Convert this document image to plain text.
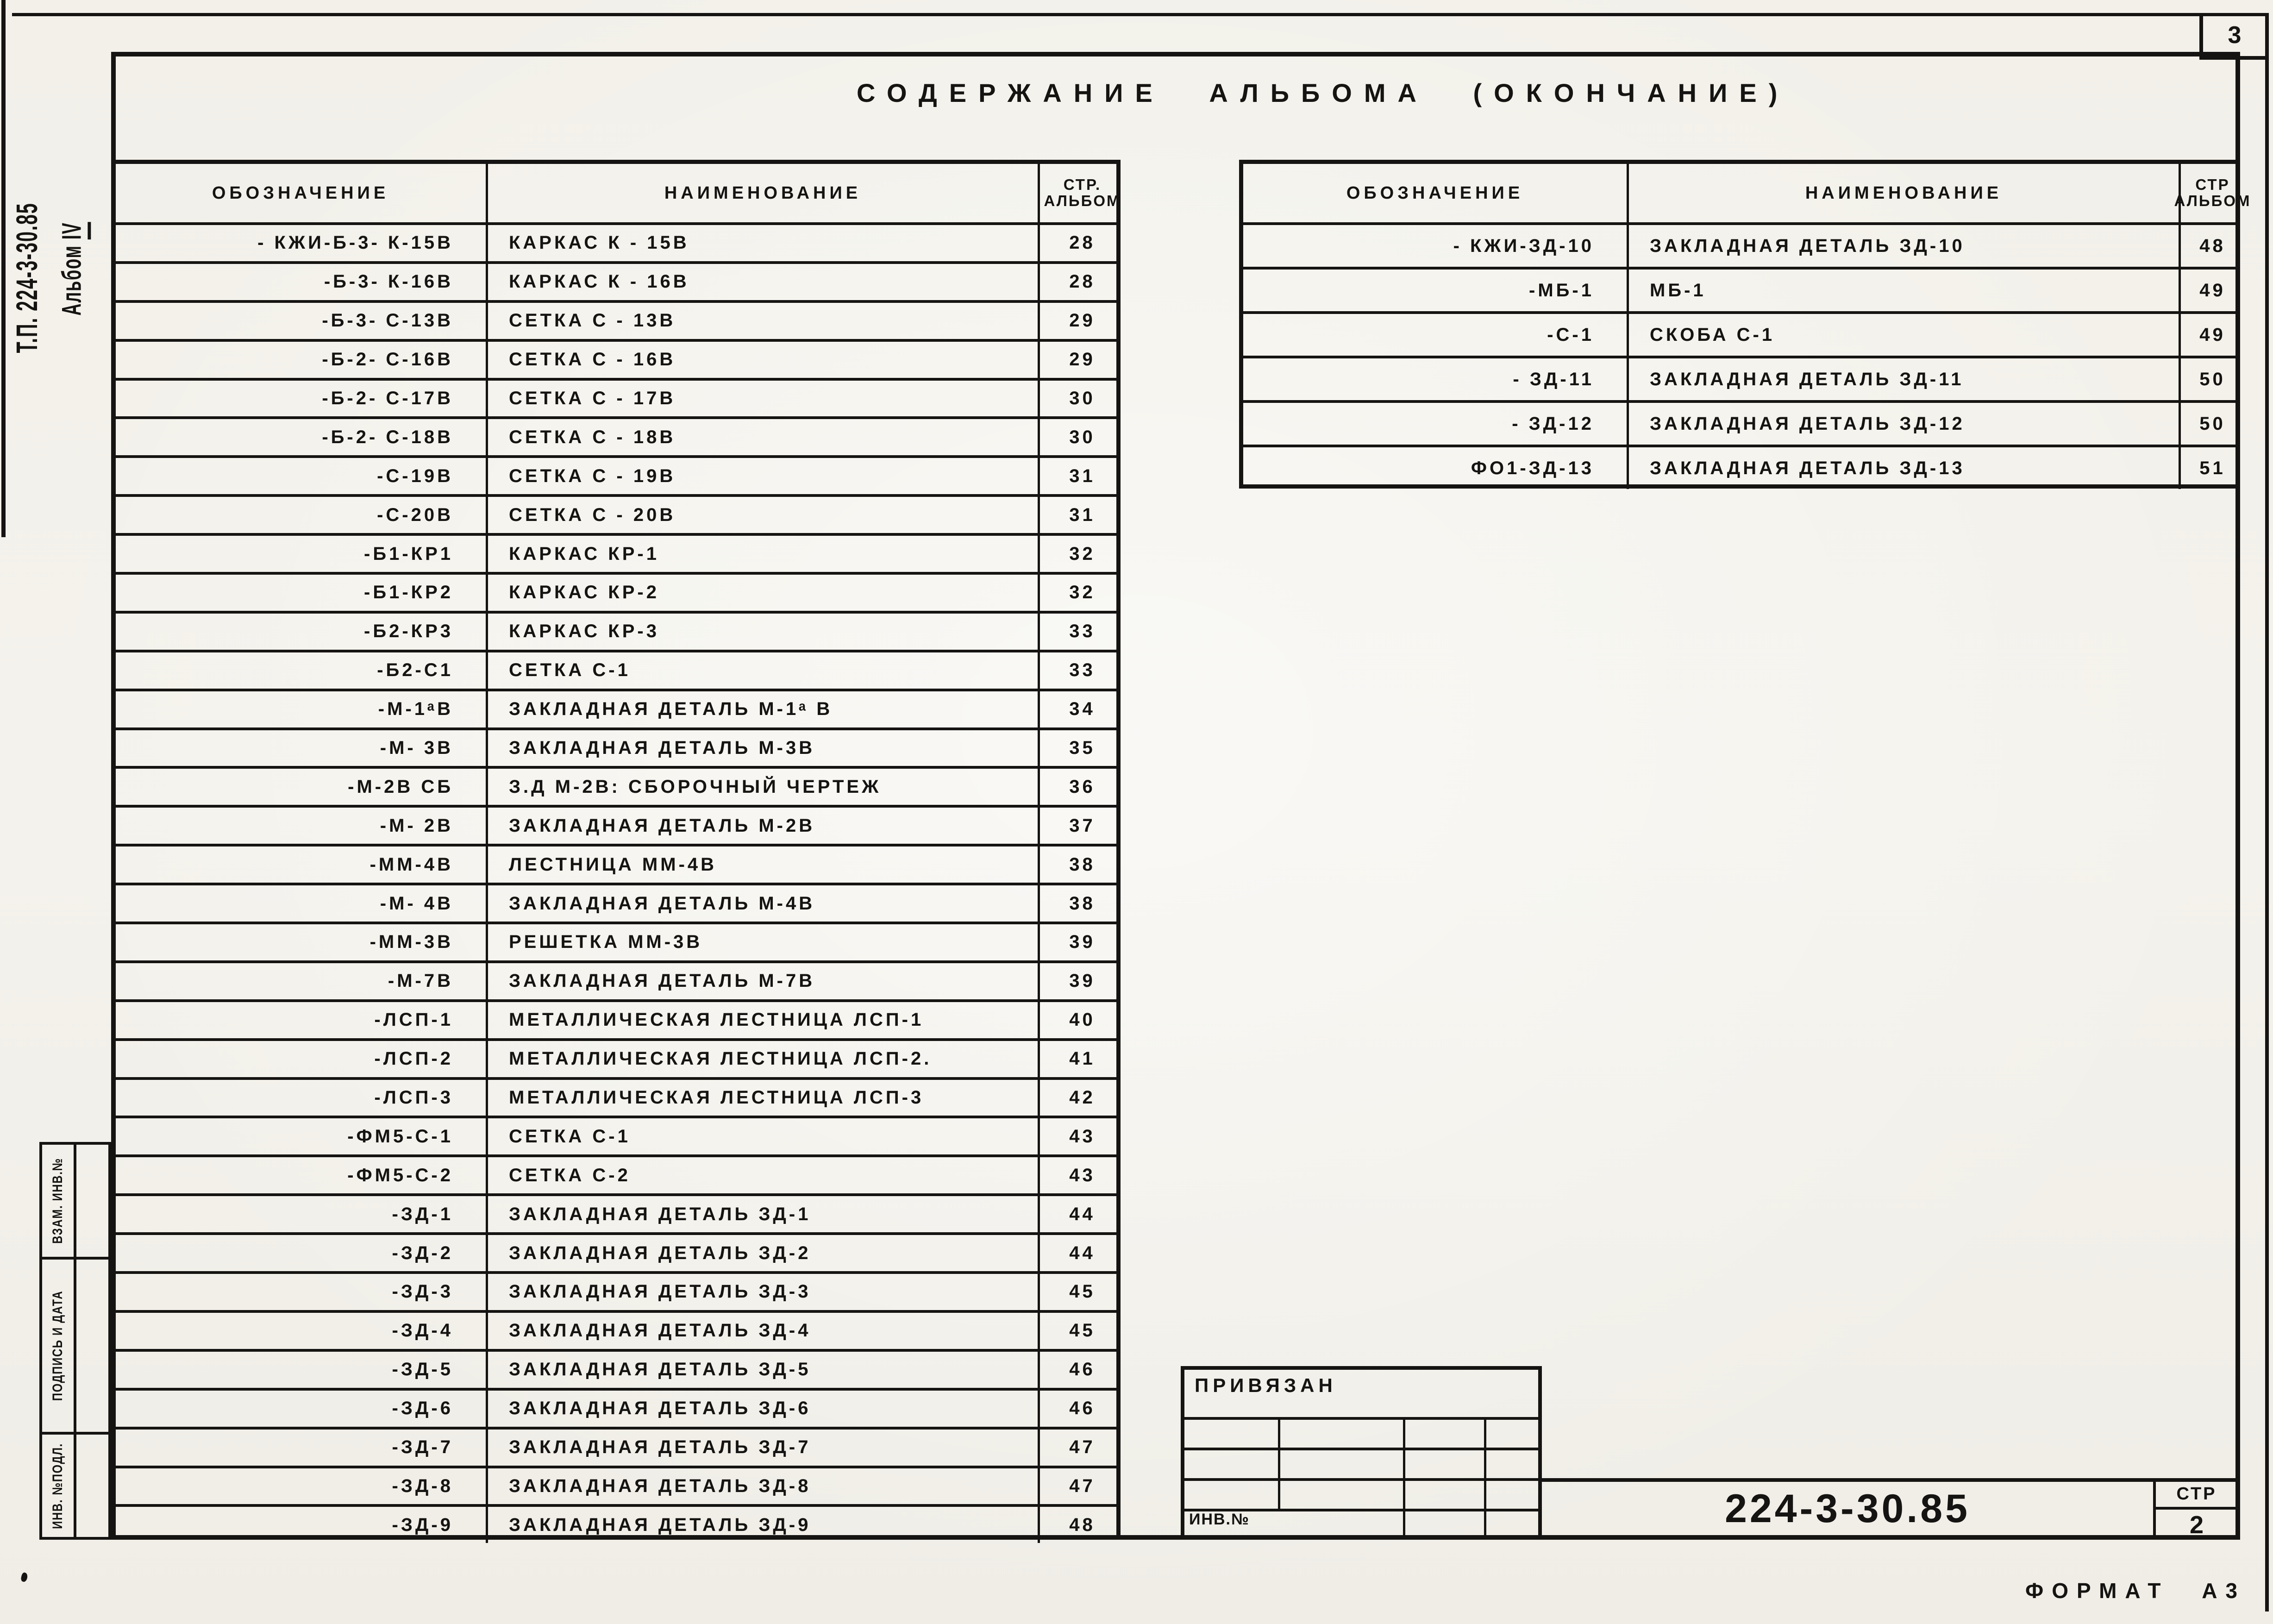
3
СОДЕРЖАНИЕ АЛЬБОМА (ОКОНЧАНИЕ)
Т.П. 224-3-30.85 Альбом IV
ВЗАМ. ИНВ.№
ПОДПИСЬ И ДАТА
ИНВ. №ПОДЛ.
ОБОЗНАЧЕНИЕ	НАИМЕНОВАНИЕ	СТР.
АЛЬБОМ
- КЖИ-Б-3- К-15В	КАРКАС К - 15В	28
-Б-3- К-16В	КАРКАС К - 16В	28
-Б-3- С-13В	СЕТКА С - 13В	29
-Б-2- С-16В	СЕТКА С - 16В	29
-Б-2- С-17В	СЕТКА С - 17В	30
-Б-2- С-18В	СЕТКА С - 18В	30
-С-19В	СЕТКА С - 19В	31
-С-20В	СЕТКА С - 20В	31
-Б1-КР1	КАРКАС КР-1	32
-Б1-КР2	КАРКАС КР-2	32
-Б2-КР3	КАРКАС КР-3	33
-Б2-С1	СЕТКА С-1	33
-М-1ᵃВ	ЗАКЛАДНАЯ ДЕТАЛЬ М-1ᵃ В	34
-М- 3В	ЗАКЛАДНАЯ ДЕТАЛЬ М-3В	35
-М-2В СБ	З.Д М-2В: СБОРОЧНЫЙ ЧЕРТЕЖ	36
-М- 2В	ЗАКЛАДНАЯ ДЕТАЛЬ М-2В	37
-ММ-4В	ЛЕСТНИЦА ММ-4В	38
-М- 4В	ЗАКЛАДНАЯ ДЕТАЛЬ М-4В	38
-ММ-3В	РЕШЕТКА ММ-3В	39
-М-7В	ЗАКЛАДНАЯ ДЕТАЛЬ М-7В	39
-ЛСП-1	МЕТАЛЛИЧЕСКАЯ ЛЕСТНИЦА ЛСП-1	40
-ЛСП-2	МЕТАЛЛИЧЕСКАЯ ЛЕСТНИЦА ЛСП-2.	41
-ЛСП-3	МЕТАЛЛИЧЕСКАЯ ЛЕСТНИЦА ЛСП-3	42
-ФМ5-С-1	СЕТКА С-1	43
-ФМ5-С-2	СЕТКА С-2	43
-ЗД-1	ЗАКЛАДНАЯ ДЕТАЛЬ ЗД-1	44
-ЗД-2	ЗАКЛАДНАЯ ДЕТАЛЬ ЗД-2	44
-ЗД-3	ЗАКЛАДНАЯ ДЕТАЛЬ ЗД-3	45
-ЗД-4	ЗАКЛАДНАЯ ДЕТАЛЬ ЗД-4	45
-ЗД-5	ЗАКЛАДНАЯ ДЕТАЛЬ ЗД-5	46
-ЗД-6	ЗАКЛАДНАЯ ДЕТАЛЬ ЗД-6	46
-ЗД-7	ЗАКЛАДНАЯ ДЕТАЛЬ ЗД-7	47
-ЗД-8	ЗАКЛАДНАЯ ДЕТАЛЬ ЗД-8	47
-ЗД-9	ЗАКЛАДНАЯ ДЕТАЛЬ ЗД-9	48
ОБОЗНАЧЕНИЕ	НАИМЕНОВАНИЕ	СТР
АЛЬБОМ
- КЖИ-ЗД-10	ЗАКЛАДНАЯ ДЕТАЛЬ ЗД-10	48
-МБ-1	МБ-1	49
-С-1	СКОБА С-1	49
- ЗД-11	ЗАКЛАДНАЯ ДЕТАЛЬ ЗД-11	50
- ЗД-12	ЗАКЛАДНАЯ ДЕТАЛЬ ЗД-12	50
ФО1-ЗД-13	ЗАКЛАДНАЯ ДЕТАЛЬ ЗД-13	51
ПРИВЯЗАН
ИНВ.№	224-3-30.85	СТР
2
ФОРМАТ А3
